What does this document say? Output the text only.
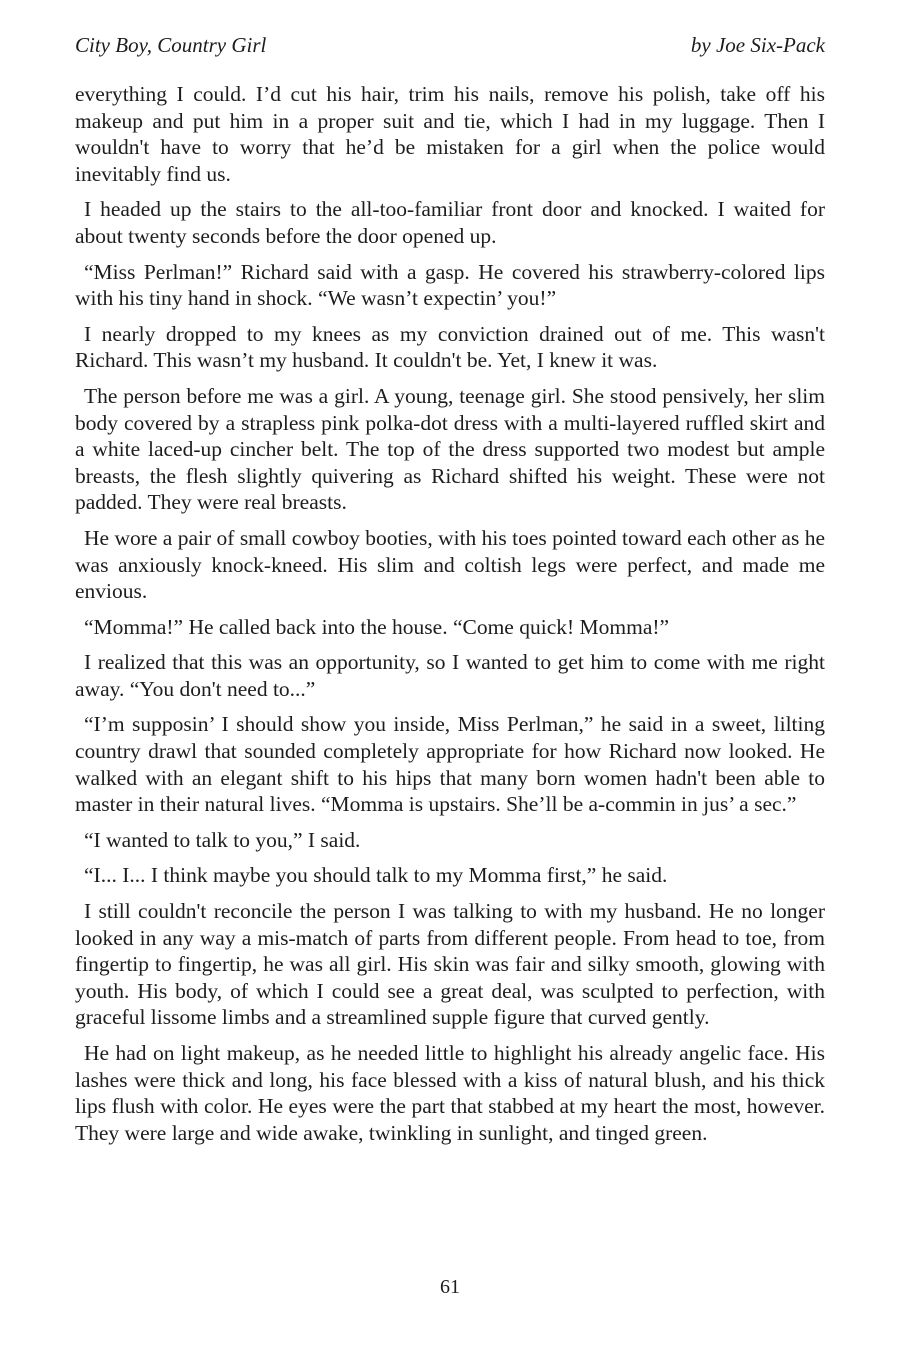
City Boy, Country Girl	by Joe Six-Pack

everything I could. I’d cut his hair, trim his nails, remove his polish, take off his makeup and put him in a proper suit and tie, which I had in my luggage. Then I wouldn't have to worry that he’d be mistaken for a girl when the police would inevitably find us.

I headed up the stairs to the all-too-familiar front door and knocked. I waited for about twenty seconds before the door opened up.

“Miss Perlman!” Richard said with a gasp. He covered his strawberry-colored lips with his tiny hand in shock. “We wasn’t expectin’ you!”

I nearly dropped to my knees as my conviction drained out of me. This wasn't Richard. This wasn’t my husband. It couldn't be. Yet, I knew it was.

The person before me was a girl. A young, teenage girl. She stood pensively, her slim body covered by a strapless pink polka-dot dress with a multi-layered ruffled skirt and a white laced-up cincher belt. The top of the dress supported two modest but ample breasts, the flesh slightly quivering as Richard shifted his weight. These were not padded. They were real breasts.

He wore a pair of small cowboy booties, with his toes pointed toward each other as he was anxiously knock-kneed. His slim and coltish legs were perfect, and made me envious.

“Momma!” He called back into the house. “Come quick! Momma!”

I realized that this was an opportunity, so I wanted to get him to come with me right away. “You don't need to...”

“I’m supposin’ I should show you inside, Miss Perlman,” he said in a sweet, lilting country drawl that sounded completely appropriate for how Richard now looked. He walked with an elegant shift to his hips that many born women hadn't been able to master in their natural lives. “Momma is upstairs. She’ll be a-commin in jus’ a sec.”

“I wanted to talk to you,” I said.

“I... I... I think maybe you should talk to my Momma first,” he said.

I still couldn't reconcile the person I was talking to with my husband. He no longer looked in any way a mis-match of parts from different people. From head to toe, from fingertip to fingertip, he was all girl. His skin was fair and silky smooth, glowing with youth. His body, of which I could see a great deal, was sculpted to perfection, with graceful lissome limbs and a streamlined supple figure that curved gently.

He had on light makeup, as he needed little to highlight his already angelic face. His lashes were thick and long, his face blessed with a kiss of natural blush, and his thick lips flush with color. He eyes were the part that stabbed at my heart the most, however. They were large and wide awake, twinkling in sunlight, and tinged green.

61
